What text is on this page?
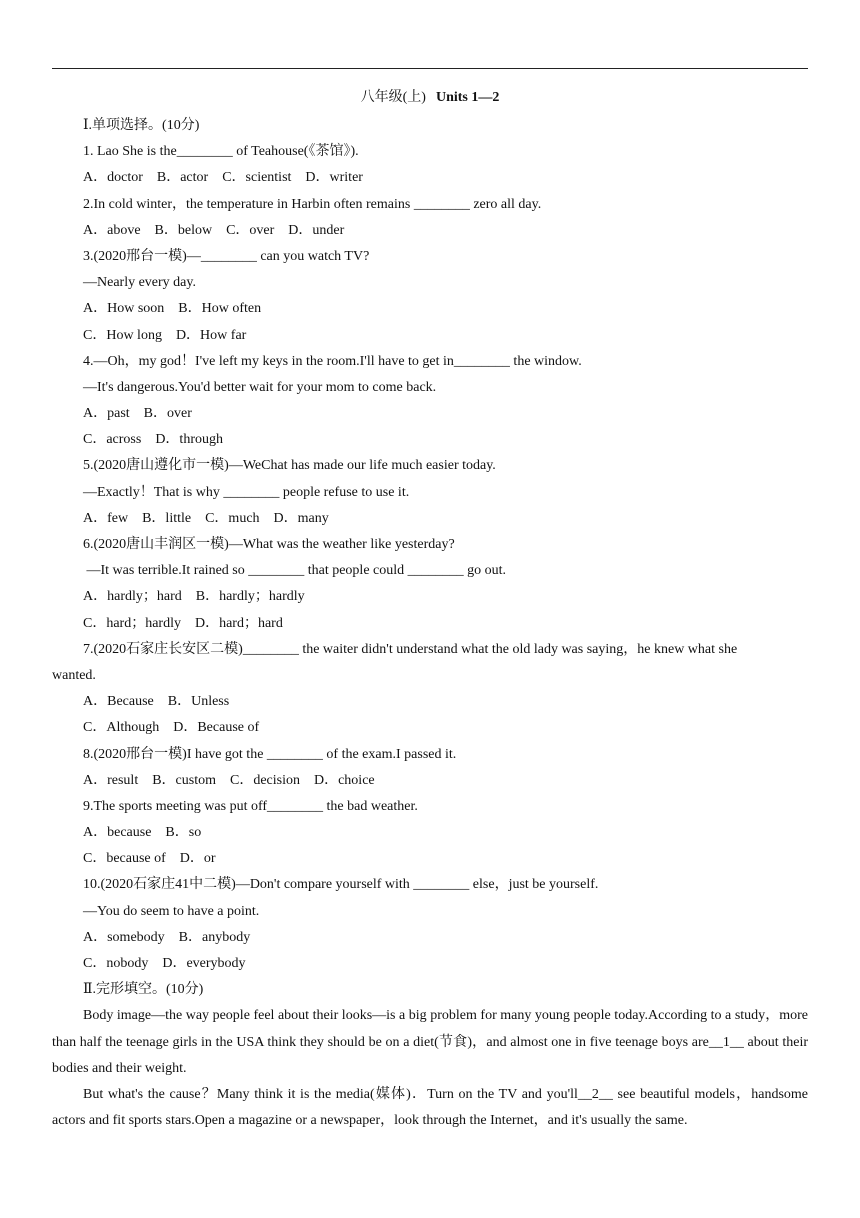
八年级(上) Units 1—2
Ⅰ.单项选择。(10分)
1. Lao She is the________ of Teahouse(《茶馆》).
A．doctor　B．actor　C．scientist　D．writer
2.In cold winter，the temperature in Harbin often remains ________ zero all day.
A．above　B．below　C．over　D．under
3.(2020邢台一模)—________ can you watch TV?
—Nearly every day.
A．How soon　B．How often
C．How long　D．How far
4.—Oh，my god！I've left my keys in the room.I'll have to get in________ the window.
—It's dangerous.You'd better wait for your mom to come back.
A．past　B．over
C．across　D．through
5.(2020唐山遵化市一模)—WeChat has made our life much easier today.
—Exactly！That is why ________ people refuse to use it.
A．few　B．little　C．much　D．many
6.(2020唐山丰润区一模)—What was the weather like yesterday?
—It was terrible.It rained so ________ that people could ________ go out.
A．hardly；hard　B．hardly；hardly
C．hard；hardly　D．hard；hard
7.(2020石家庄长安区二模)________ the waiter didn't understand what the old lady was saying，he knew what she
wanted.
A．Because　B．Unless
C．Although　D．Because of
8.(2020邢台一模)I have got the ________ of the exam.I passed it.
A．result　B．custom　C．decision　D．choice
9.The sports meeting was put off________ the bad weather.
A．because　B．so
C．because of　D．or
10.(2020石家庄41中二模)—Don't compare yourself with ________ else，just be yourself.
—You do seem to have a point.
A．somebody　B．anybody
C．nobody　D．everybody
Ⅱ.完形填空。(10分)

Body image—the way people feel about their looks—is a big problem for many young people today.According to a study，more than half the teenage girls in the USA think they should be on a diet(节食)，and almost one in five teenage boys are__1__ about their bodies and their weight.

But what's the cause？Many think it is the media(媒体)．Turn on the TV and you'll__2__ see beautiful models，handsome actors and fit sports stars.Open a magazine or a newspaper，look through the Internet，and it's usually the same.
